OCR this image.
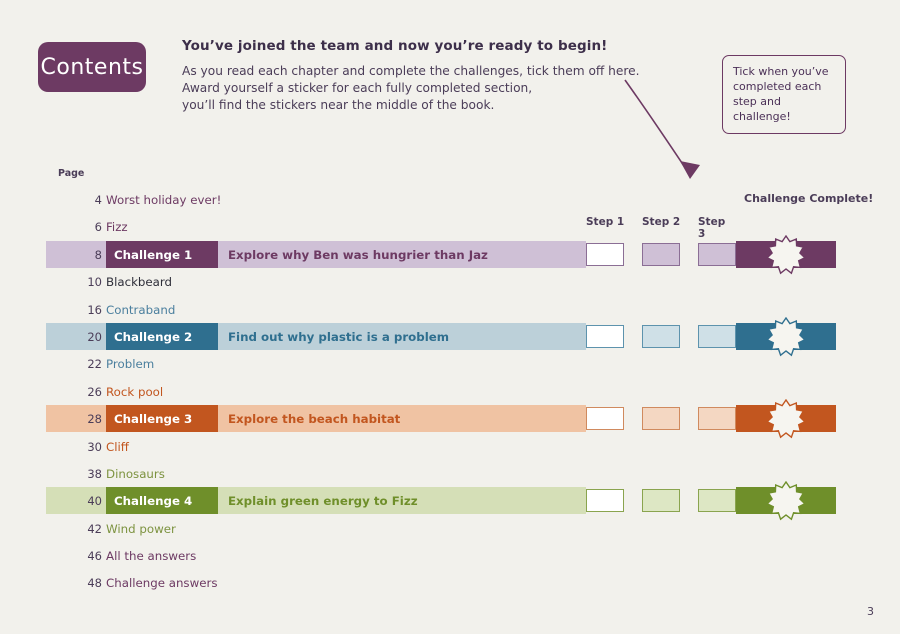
Contents
You’ve joined the team and now you’re ready to begin!
As you read each chapter and complete the challenges, tick them off here.
Award yourself a sticker for each fully completed section,
you’ll find the stickers near the middle of the book.
Tick when you’ve completed each step and challenge!
Page
Challenge Complete!
Step 1 Step 2 Step 3
4 Worst holiday ever!
6 Fizz
8 Challenge 1	Explore why Ben was hungrier than Jaz
10 Blackbeard
16 Contraband
20 Challenge 2	Find out why plastic is a problem
22 Problem
26 Rock pool
28 Challenge 3	Explore the beach habitat
30 Cliff
38 Dinosaurs
40 Challenge 4	Explain green energy to Fizz
42 Wind power
46 All the answers
48 Challenge answers
3
